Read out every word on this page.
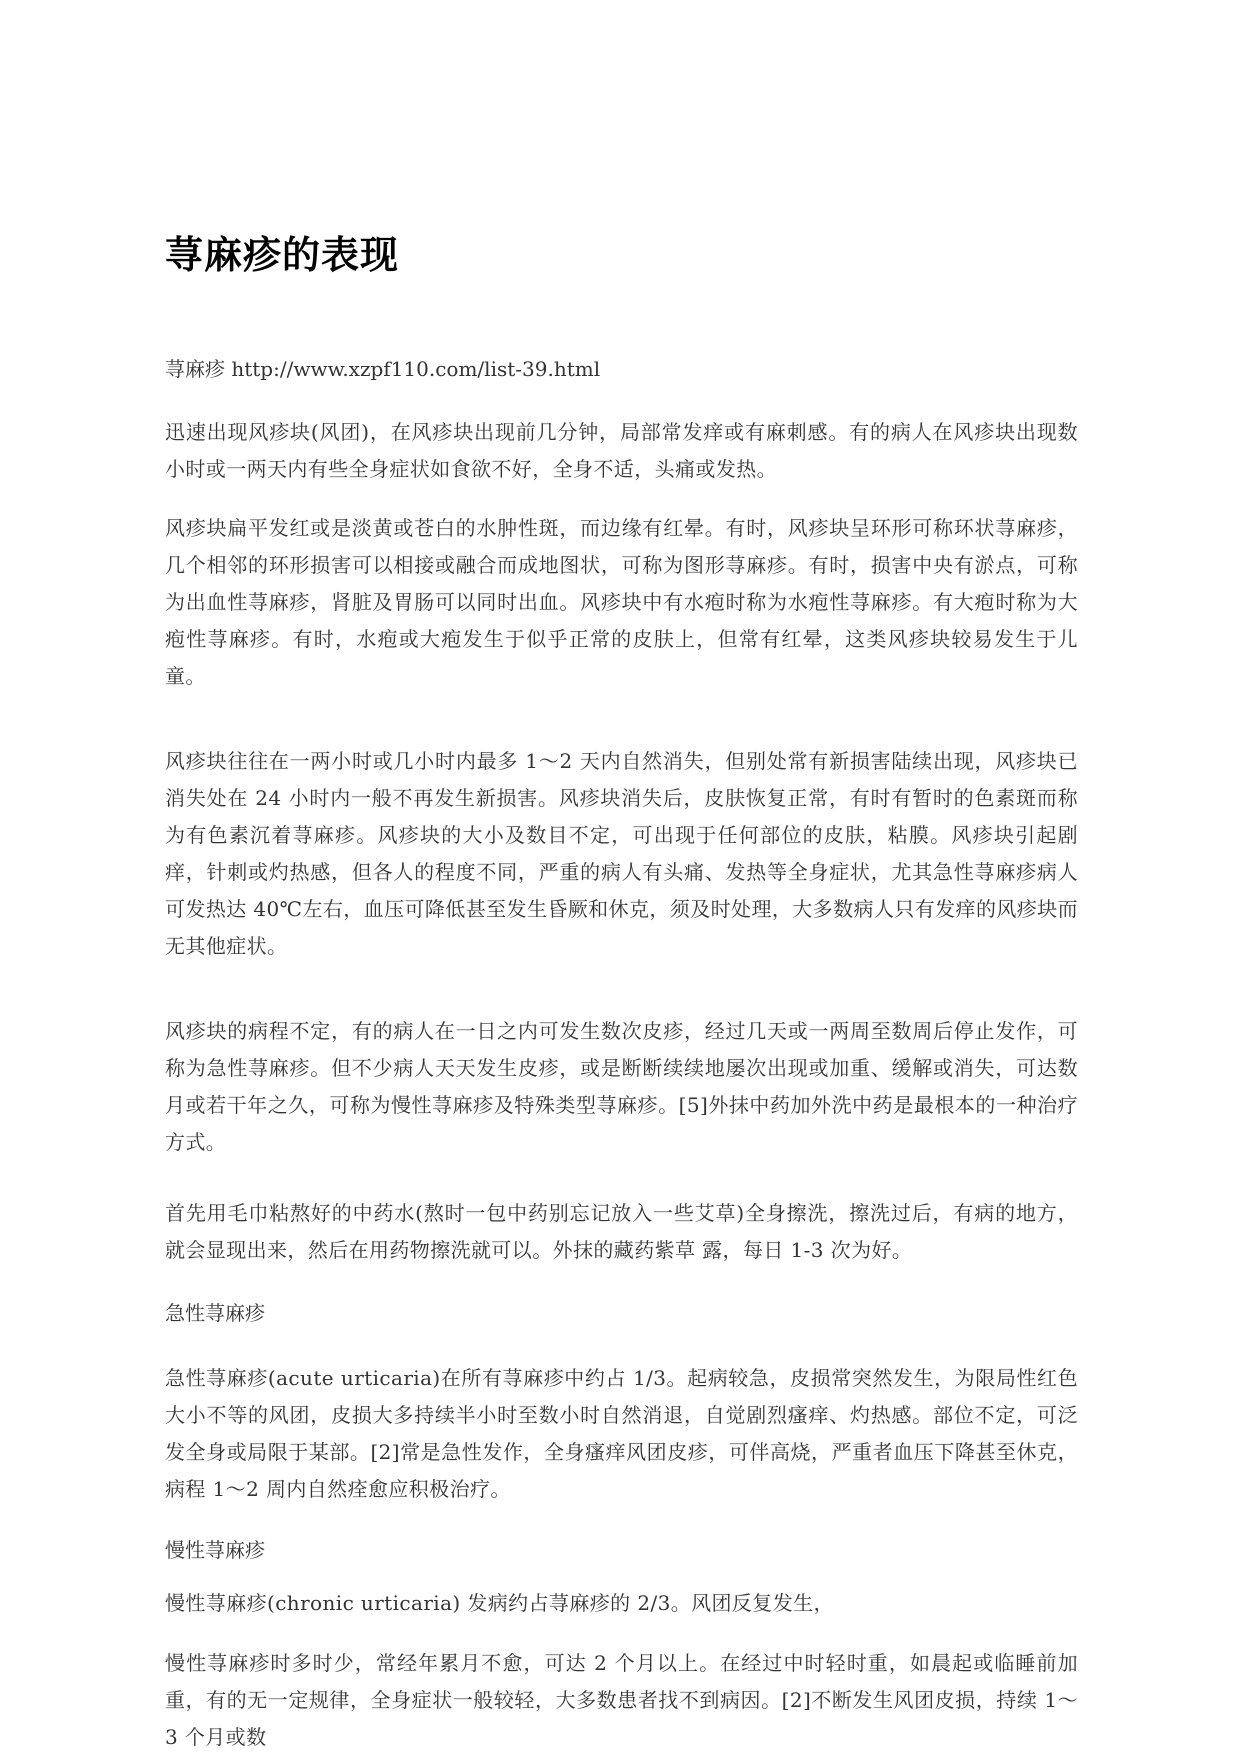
荨麻疹的表现
荨麻疹 http://www.xzpf110.com/list-39.html

迅速出现风疹块(风团)，在风疹块出现前几分钟，局部常发痒或有麻刺感。有的病人在风疹块出现数小时或一两天内有些全身症状如食欲不好，全身不适，头痛或发热。

风疹块扁平发红或是淡黄或苍白的水肿性斑，而边缘有红晕。有时，风疹块呈环形可称环状荨麻疹，几个相邻的环形损害可以相接或融合而成地图状，可称为图形荨麻疹。有时，损害中央有淤点，可称为出血性荨麻疹，肾脏及胃肠可以同时出血。风疹块中有水疱时称为水疱性荨麻疹。有大疱时称为大疱性荨麻疹。有时，水疱或大疱发生于似乎正常的皮肤上，但常有红晕，这类风疹块较易发生于儿童。

风疹块往往在一两小时或几小时内最多 1～2 天内自然消失，但别处常有新损害陆续出现，风疹块已消失处在 24 小时内一般不再发生新损害。风疹块消失后，皮肤恢复正常，有时有暂时的色素斑而称为有色素沉着荨麻疹。风疹块的大小及数目不定，可出现于任何部位的皮肤，粘膜。风疹块引起剧痒，针刺或灼热感，但各人的程度不同，严重的病人有头痛、发热等全身症状，尤其急性荨麻疹病人可发热达 40℃左右，血压可降低甚至发生昏厥和休克，须及时处理，大多数病人只有发痒的风疹块而无其他症状。

风疹块的病程不定，有的病人在一日之内可发生数次皮疹，经过几天或一两周至数周后停止发作，可称为急性荨麻疹。但不少病人天天发生皮疹，或是断断续续地屡次出现或加重、缓解或消失，可达数月或若干年之久，可称为慢性荨麻疹及特殊类型荨麻疹。[5]外抹中药加外洗中药是最根本的一种治疗方式。

首先用毛巾粘熬好的中药水(熬时一包中药别忘记放入一些艾草)全身擦洗，擦洗过后，有病的地方，就会显现出来，然后在用药物擦洗就可以。外抹的藏药紫草 露，每日 1-3 次为好。

急性荨麻疹

急性荨麻疹(acute urticaria)在所有荨麻疹中约占 1/3。起病较急，皮损常突然发生，为限局性红色大小不等的风团，皮损大多持续半小时至数小时自然消退，自觉剧烈瘙痒、灼热感。部位不定，可泛发全身或局限于某部。[2]常是急性发作，全身瘙痒风团皮疹，可伴高烧，严重者血压下降甚至休克，病程 1～2 周内自然痊愈应积极治疗。

慢性荨麻疹

慢性荨麻疹(chronic urticaria) 发病约占荨麻疹的 2/3。风团反复发生，

慢性荨麻疹时多时少，常经年累月不愈，可达 2 个月以上。在经过中时轻时重，如晨起或临睡前加重，有的无一定规律，全身症状一般较轻，大多数患者找不到病因。[2]不断发生风团皮损，持续 1～3 个月或数
